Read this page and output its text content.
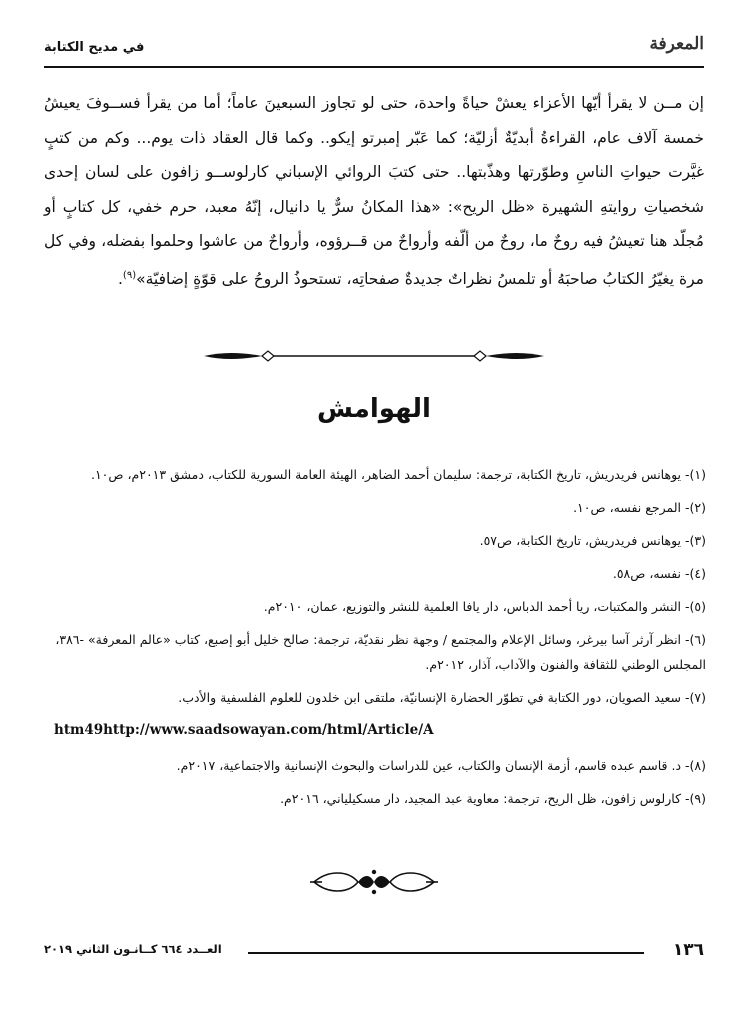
المعرفة
في مديح الكتابة
إن مــن لا يقرأ أيّها الأعزاء يعشْ حياةً واحدة، حتى لو تجاوز السبعينَ عاماً؛ أما من يقرأ فســوفَ يعيشُ خمسة آلاف عام، القراءةُ أبديّةٌ أزليّة؛ كما عَبّر إمبرتو إيكو.. وكما قال العقاد ذات يوم... وكم من كتبٍ غيَّرت حيواتِ الناسِ وطوّرتها وهذّبتها.. حتى كتبَ الروائي الإسباني كارلوســو زافون على لسان إحدى شخصياتِ روايتهِ الشهيرة «ظل الريح»: «هذا المكانُ سرٌّ يا دانيال، إنّهُ معبد، حرم خفي، كل كتابٍ أو مُجلّد هنا تعيشُ فيه روحٌ ما، روحٌ من ألّفه وأرواحٌ من قــرؤوه، وأرواحٌ من عاشوا وحلموا بفضله، وفي كل مرة يغيّرُ الكتابُ صاحبَهُ أو تلمسُ نظراتٌ جديدةٌ صفحاتِه، تستحوذُ الروحُ على قوّةٍ إضافيّة»$^{(٩)}$.
الهوامش

(١)- يوهانس فريدريش، تاريخ الكتابة، ترجمة: سليمان أحمد الضاهر، الهيئة العامة السورية للكتاب، دمشق ٢٠١٣م، ص١٠.

(٢)- المرجع نفسه، ص١٠.

(٣)- يوهانس فريدريش، تاريخ الكتابة، ص٥٧.

(٤)- نفسه، ص٥٨.

(٥)- النشر والمكتبات، ريا أحمد الدباس، دار يافا العلمية للنشر والتوزيع، عمان، ٢٠١٠م.

(٦)- انظر آرثر آسا بيرغر، وسائل الإعلام والمجتمع / وجهة نظر نقديّة، ترجمة: صالح خليل أبو إصبع، كتاب «عالم المعرفة» -٣٨٦، المجلس الوطني للثقافة والفنون والآداب، آذار، ٢٠١٢م.

(٧)- سعيد الصويان، دور الكتابة في تطوّر الحضارة الإنسانيّة، ملتقى ابن خلدون للعلوم الفلسفية والأدب.

htm49http://www.saadsowayan.com/html/Article/A

(٨)- د. قاسم عبده قاسم، أزمة الإنسان والكتاب، عين للدراسات والبحوث الإنسانية والاجتماعية، ٢٠١٧م.

(٩)- كارلوس زافون، ظل الريح، ترجمة: معاوية عبد المجيد، دار مسكيلياني، ٢٠١٦م.

١٣٦
العــدد ٦٦٤ كــانـون الثاني ٢٠١٩
